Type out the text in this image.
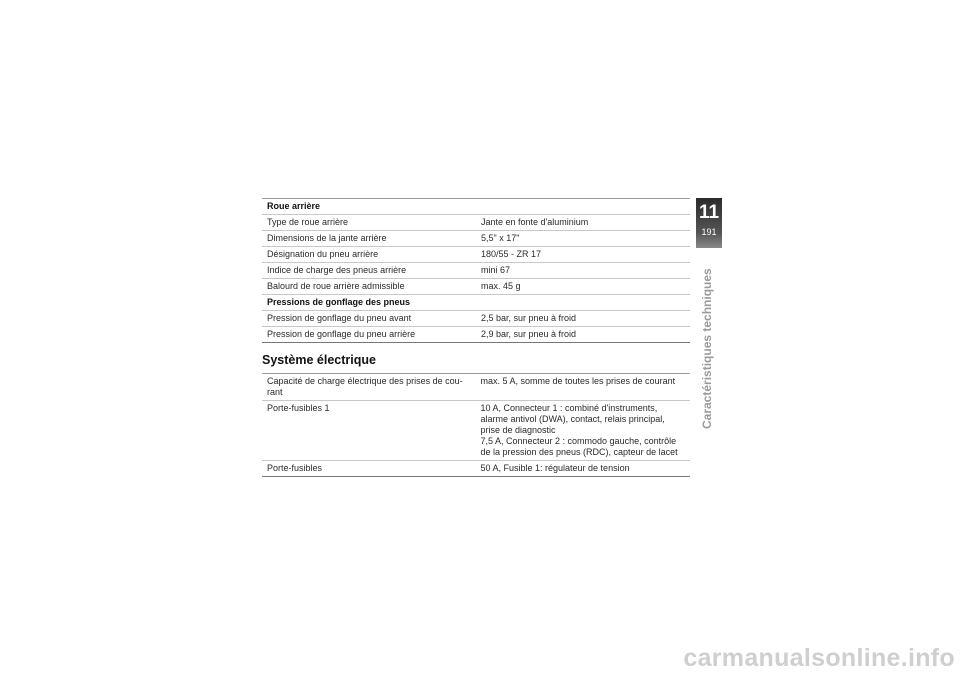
Roue arrière	
Type de roue arrière	Jante en fonte d'aluminium
Dimensions de la jante arrière	5,5" x 17"
Désignation du pneu arrière	180/55 - ZR 17
Indice de charge des pneus arrière	mini 67
Balourd de roue arrière admissible	max. 45 g
Pressions de gonflage des pneus	
Pression de gonflage du pneu avant	2,5 bar, sur pneu à froid
Pression de gonflage du pneu arrière	2,9 bar, sur pneu à froid
Système électrique
Capacité de charge électrique des prises de cou-rant	max. 5 A, somme de toutes les prises de courant
Porte-fusibles 1	10 A, Connecteur 1 : combiné d'instruments,
alarme antivol (DWA), contact, relais principal,
prise de diagnostic
7,5 A, Connecteur 2 : commodo gauche, contrôle
de la pression des pneus (RDC), capteur de lacet

Porte-fusibles	50 A, Fusible 1: régulateur de tension
11
191
Caractéristiques techniques
carmanualsonline.info
